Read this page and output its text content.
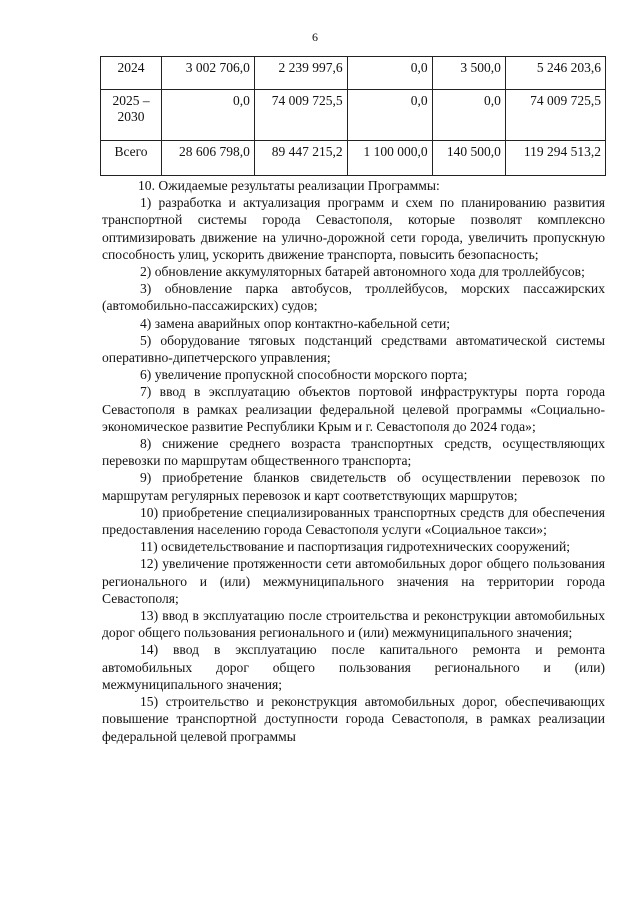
6
2024	3 002 706,0	2 239 997,6	0,0	3 500,0	5 246 203,6
2025 – 2030	0,0	74 009 725,5	0,0	0,0	74 009 725,5
Всего	28 606 798,0	89 447 215,2	1 100 000,0	140 500,0	119 294 513,2

10. Ожидаемые результаты реализации Программы:

1) разработка и актуализация программ и схем по планированию развития транспортной системы города Севастополя, которые позволят комплексно оптимизировать движение на улично-дорожной сети города, увеличить пропускную способность улиц, ускорить движение транспорта, повысить безопасность;

2) обновление аккумуляторных батарей автономного хода для троллейбусов;

3) обновление парка автобусов, троллейбусов, морских пассажирских (автомобильно-пассажирских) судов;

4) замена аварийных опор контактно-кабельной сети;

5) оборудование тяговых подстанций средствами автоматической системы оперативно-дипетчерского управления;

6) увеличение пропускной способности морского порта;

7) ввод в эксплуатацию объектов портовой инфраструктуры порта города Севастополя в рамках реализации федеральной целевой программы «Социально-экономическое развитие Республики Крым и г. Севастополя до 2024 года»;

8) снижение среднего возраста транспортных средств, осуществляющих перевозки по маршрутам общественного транспорта;

9) приобретение бланков свидетельств об осуществлении перевозок по маршрутам регулярных перевозок и карт соответствующих маршрутов;

10) приобретение специализированных транспортных средств для обеспечения предоставления населению города Севастополя услуги «Социальное такси»;

11) освидетельствование и паспортизация гидротехнических сооружений;

12) увеличение протяженности сети автомобильных дорог общего пользования регионального и (или) межмуниципального значения на территории города Севастополя;

13) ввод в эксплуатацию после строительства и реконструкции автомобильных дорог общего пользования регионального и (или) межмуниципального значения;

14) ввод в эксплуатацию после капитального ремонта и ремонта автомобильных дорог общего пользования регионального и (или) межмуниципального значения;

15) строительство и реконструкция автомобильных дорог, обеспечивающих повышение транспортной доступности города Севастополя, в рамках реализации федеральной целевой программы
